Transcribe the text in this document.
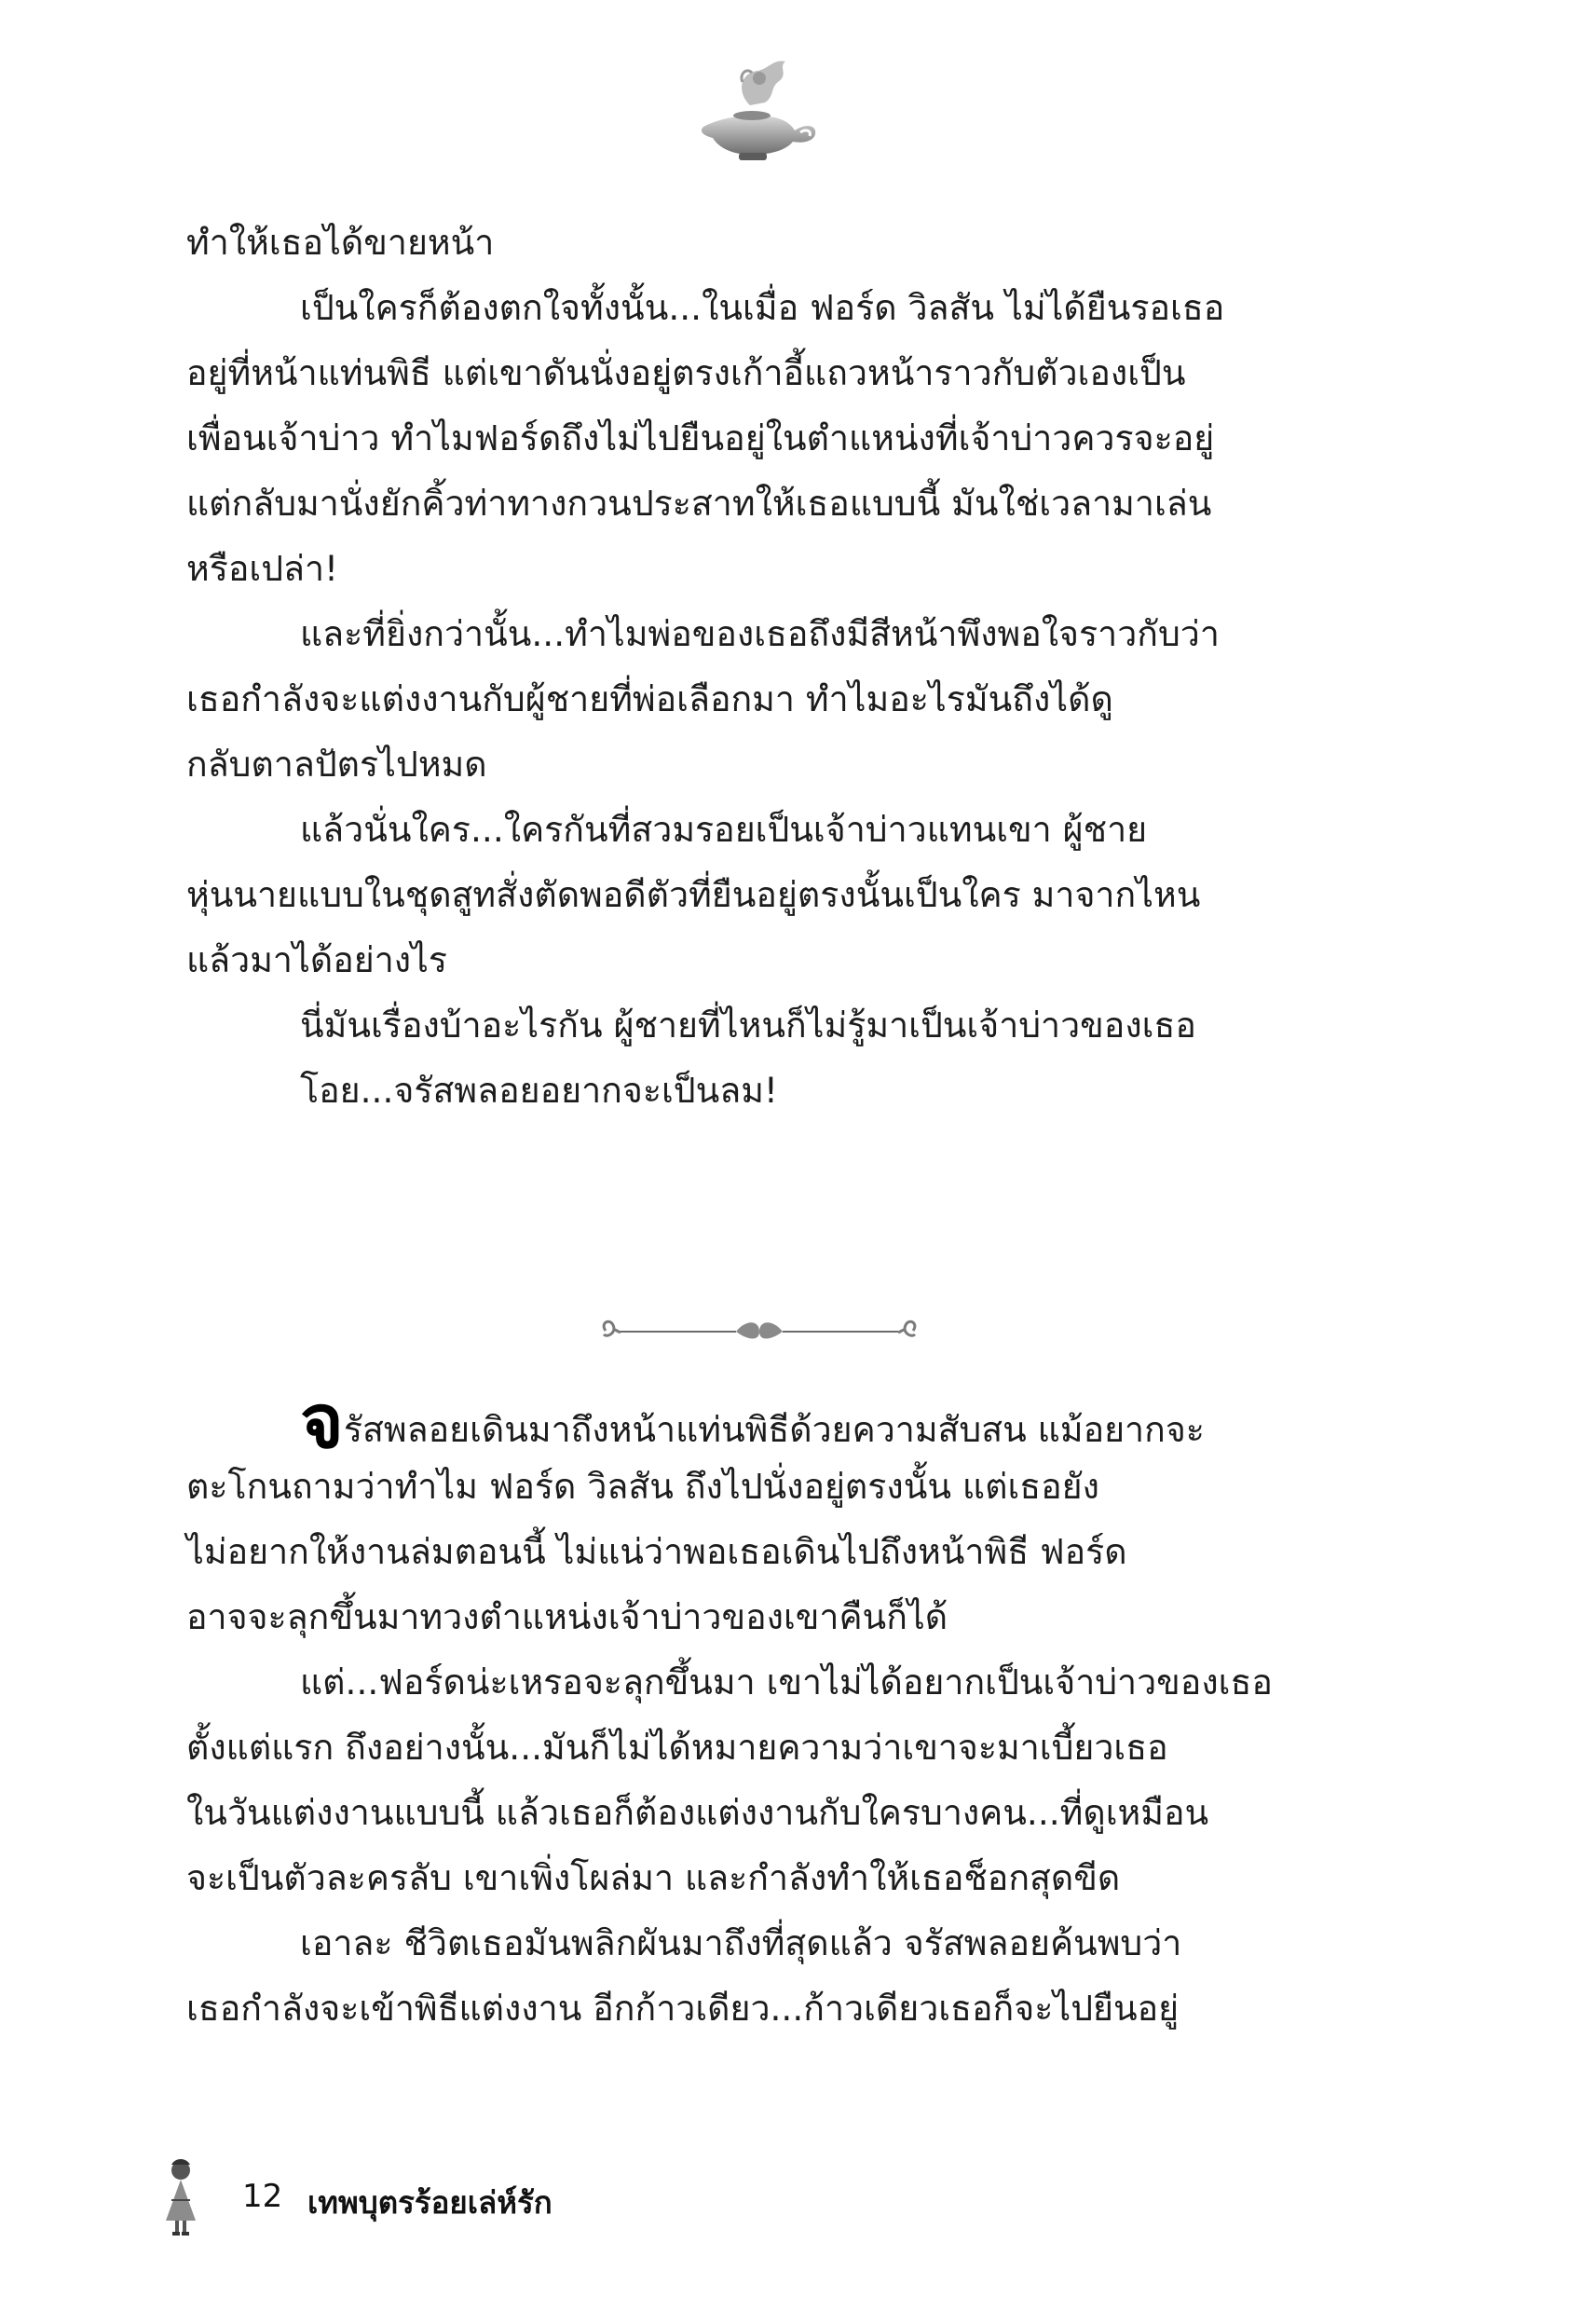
ทำให้เธอได้ขายหน้า
เป็นใครก็ต้องตกใจทั้งนั้น...ในเมื่อ ฟอร์ด วิลสัน ไม่ได้ยืนรอเธอ
อยู่ที่หน้าแท่นพิธี แต่เขาดันนั่งอยู่ตรงเก้าอี้แถวหน้าราวกับตัวเองเป็น
เพื่อนเจ้าบ่าว ทำไมฟอร์ดถึงไม่ไปยืนอยู่ในตำแหน่งที่เจ้าบ่าวควรจะอยู่
แต่กลับมานั่งยักคิ้วท่าทางกวนประสาทให้เธอแบบนี้ มันใช่เวลามาเล่น
หรือเปล่า!
และที่ยิ่งกว่านั้น...ทำไมพ่อของเธอถึงมีสีหน้าพึงพอใจราวกับว่า
เธอกำลังจะแต่งงานกับผู้ชายที่พ่อเลือกมา ทำไมอะไรมันถึงได้ดู
กลับตาลปัตรไปหมด
แล้วนั่นใคร...ใครกันที่สวมรอยเป็นเจ้าบ่าวแทนเขา ผู้ชาย
หุ่นนายแบบในชุดสูทสั่งตัดพอดีตัวที่ยืนอยู่ตรงนั้นเป็นใคร มาจากไหน
แล้วมาได้อย่างไร
นี่มันเรื่องบ้าอะไรกัน ผู้ชายที่ไหนก็ไม่รู้มาเป็นเจ้าบ่าวของเธอ
โอย...จรัสพลอยอยากจะเป็นลม!
จรัสพลอยเดินมาถึงหน้าแท่นพิธีด้วยความสับสน แม้อยากจะ
ตะโกนถามว่าทำไม ฟอร์ด วิลสัน ถึงไปนั่งอยู่ตรงนั้น แต่เธอยัง
ไม่อยากให้งานล่มตอนนี้ ไม่แน่ว่าพอเธอเดินไปถึงหน้าพิธี ฟอร์ด
อาจจะลุกขึ้นมาทวงตำแหน่งเจ้าบ่าวของเขาคืนก็ได้
แต่...ฟอร์ดน่ะเหรอจะลุกขึ้นมา เขาไม่ได้อยากเป็นเจ้าบ่าวของเธอ
ตั้งแต่แรก ถึงอย่างนั้น...มันก็ไม่ได้หมายความว่าเขาจะมาเบี้ยวเธอ
ในวันแต่งงานแบบนี้ แล้วเธอก็ต้องแต่งงานกับใครบางคน...ที่ดูเหมือน
จะเป็นตัวละครลับ เขาเพิ่งโผล่มา และกำลังทำให้เธอช็อกสุดขีด
เอาละ ชีวิตเธอมันพลิกผันมาถึงที่สุดแล้ว จรัสพลอยค้นพบว่า
เธอกำลังจะเข้าพิธีแต่งงาน อีกก้าวเดียว...ก้าวเดียวเธอก็จะไปยืนอยู่
12 เทพบุตรร้อยเล่ห์รัก
